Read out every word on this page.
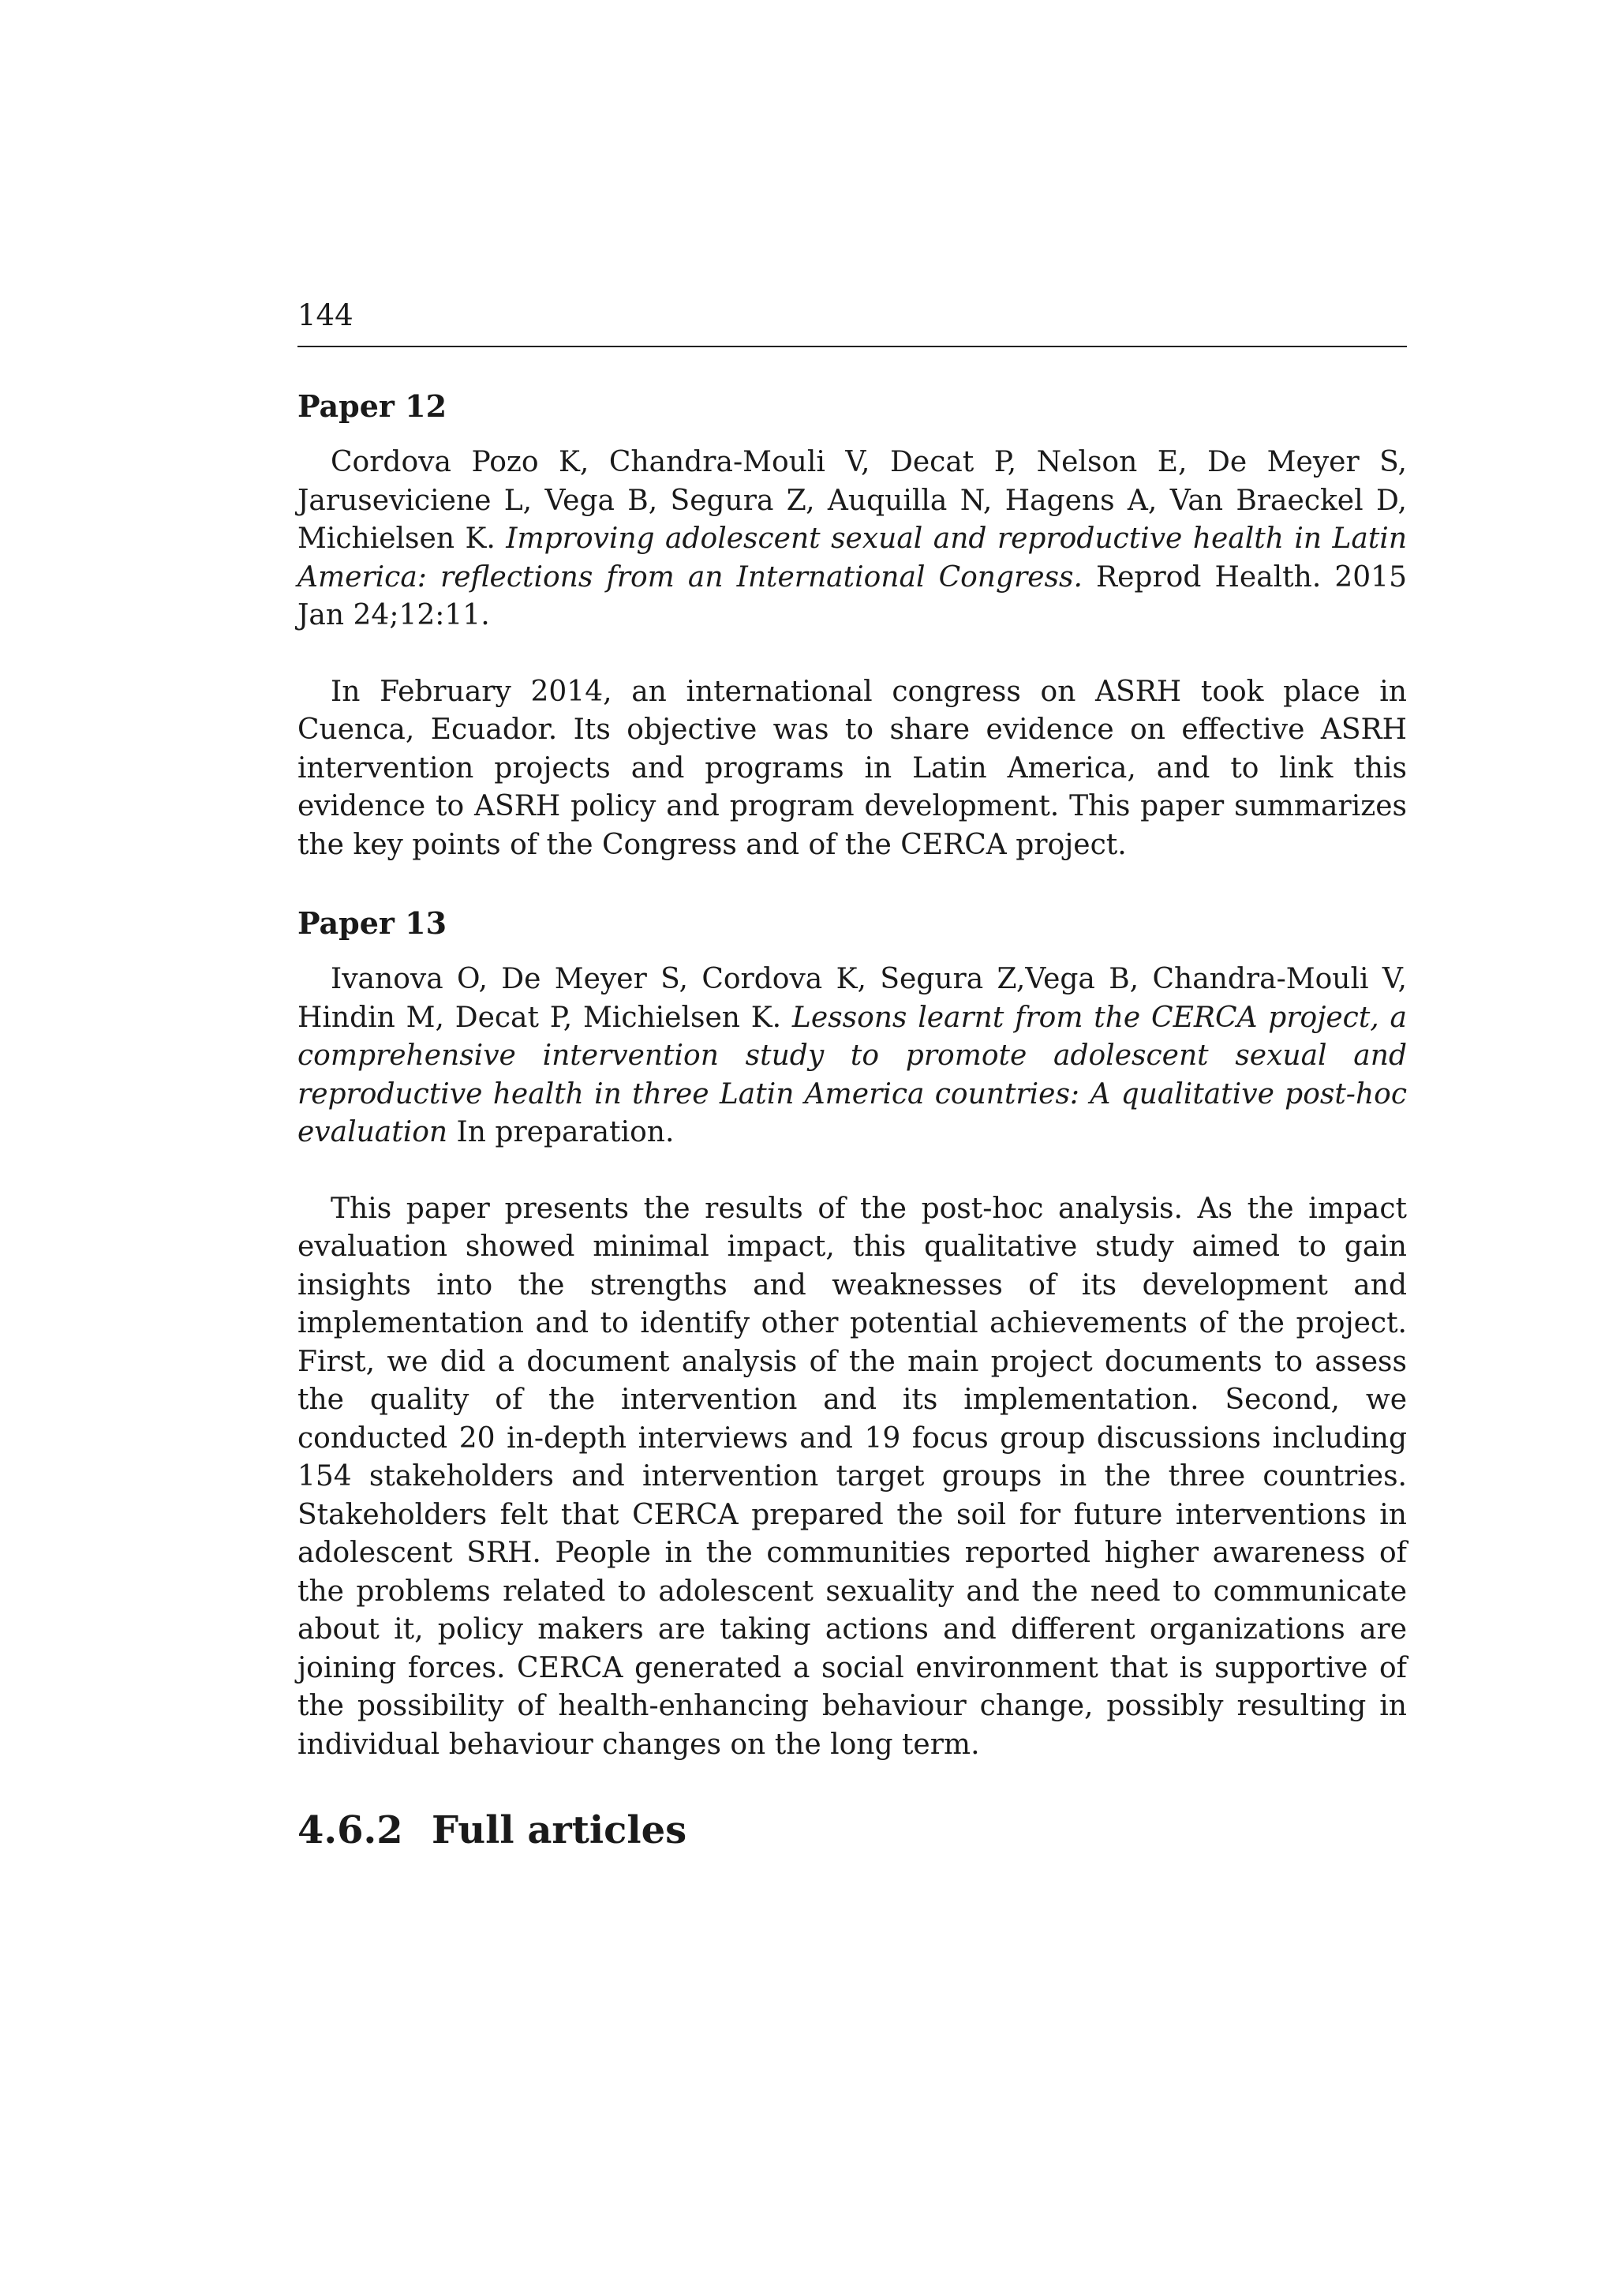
144
Paper 12

Cordova Pozo K, Chandra-Mouli V, Decat P, Nelson E, De Meyer S, Jaruseviciene L, Vega B, Segura Z, Auquilla N, Hagens A, Van Braeckel D, Michielsen K. Improving adolescent sexual and reproductive health in Latin America: reflections from an International Congress. Reprod Health. 2015 Jan 24;12:11.

In February 2014, an international congress on ASRH took place in Cuenca, Ecuador. Its objective was to share evidence on effective ASRH intervention projects and programs in Latin America, and to link this evidence to ASRH policy and program development. This paper summarizes the key points of the Congress and of the CERCA project.

Paper 13

Ivanova O, De Meyer S, Cordova K, Segura Z,Vega B, Chandra-Mouli V, Hindin M, Decat P, Michielsen K. Lessons learnt from the CERCA project, a comprehensive intervention study to promote adolescent sexual and reproductive health in three Latin America countries: A qualitative post-hoc evaluation In preparation.

This paper presents the results of the post-hoc analysis. As the impact evaluation showed minimal impact, this qualitative study aimed to gain insights into the strengths and weaknesses of its development and implementation and to identify other potential achievements of the project. First, we did a document analysis of the main project documents to assess the quality of the intervention and its implementation. Second, we conducted 20 in-depth interviews and 19 focus group discussions including 154 stakeholders and intervention target groups in the three countries. Stakeholders felt that CERCA prepared the soil for future interventions in adolescent SRH. People in the communities reported higher awareness of the problems related to adolescent sexuality and the need to communicate about it, policy makers are taking actions and different organizations are joining forces. CERCA generated a social environment that is supportive of the possibility of health-enhancing behaviour change, possibly resulting in individual behaviour changes on the long term.

4.6.2 Full articles
